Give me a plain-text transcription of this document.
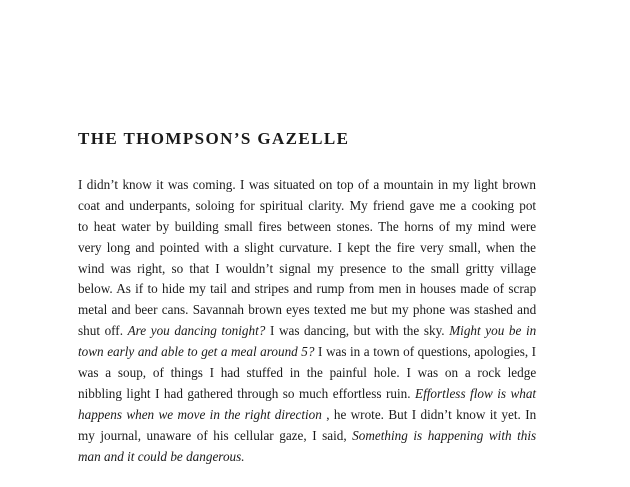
THE THOMPSON’S GAZELLE
I didn’t know it was coming. I was situated on top of a mountain in my light brown
coat and underpants, soloing for spiritual clarity. My friend gave me a cooking pot
to heat water by building small fires between stones. The horns of my mind were
very long and pointed with a slight curvature. I kept the fire very small, when the
wind was right, so that I wouldn’t signal my presence to the small gritty village
below. As if to hide my tail and stripes and rump from men in houses made of scrap
metal and beer cans. Savannah brown eyes texted me but my phone was stashed and
shut off. Are you dancing tonight? I was dancing, but with the sky. Might you be in
town early and able to get a meal around 5? I was in a town of questions, apologies, I
was a soup, of things I had stuffed in the painful hole. I was on a rock ledge
nibbling light I had gathered through so much effortless ruin. Effortless flow is what
happens when we move in the right direction , he wrote. But I didn’t know it yet. In
my journal, unaware of his cellular gaze, I said, Something is happening with this
man and it could be dangerous.
